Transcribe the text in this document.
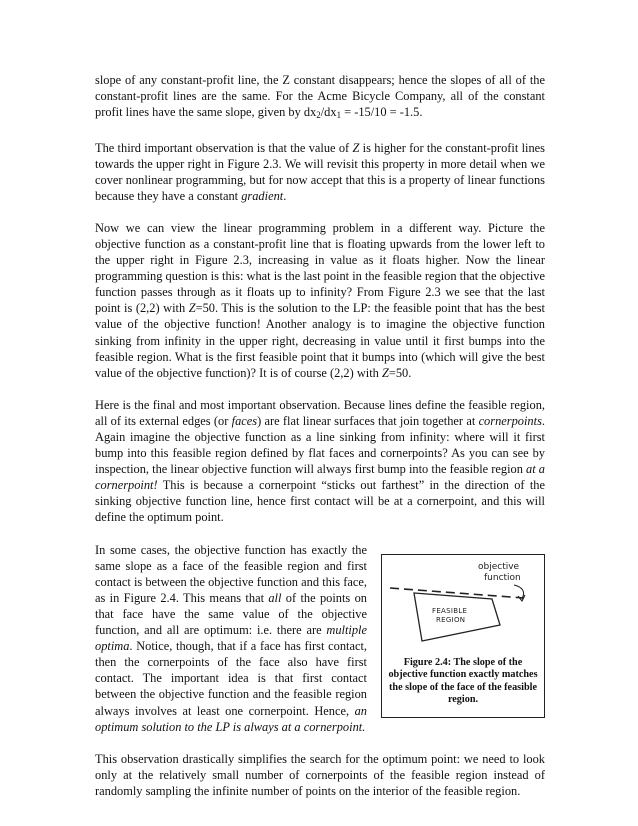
slope of any constant-profit line, the Z constant disappears; hence the slopes of all of the constant-profit lines are the same. For the Acme Bicycle Company, all of the constant profit lines have the same slope, given by $dx_2/dx_1 = -15/10 = -1.5$.

The third important observation is that the value of Z is higher for the constant-profit lines towards the upper right in Figure 2.3. We will revisit this property in more detail when we cover nonlinear programming, but for now accept that this is a property of linear functions because they have a constant gradient.

Now we can view the linear programming problem in a different way. Picture the objective function as a constant-profit line that is floating upwards from the lower left to the upper right in Figure 2.3, increasing in value as it floats higher. Now the linear programming question is this: what is the last point in the feasible region that the objective function passes through as it floats up to infinity? From Figure 2.3 we see that the last point is (2,2) with Z=50. This is the solution to the LP: the feasible point that has the best value of the objective function! Another analogy is to imagine the objective function sinking from infinity in the upper right, decreasing in value until it first bumps into the feasible region. What is the first feasible point that it bumps into (which will give the best value of the objective function)? It is of course (2,2) with Z=50.

Here is the final and most important observation. Because lines define the feasible region, all of its external edges (or faces) are flat linear surfaces that join together at cornerpoints. Again imagine the objective function as a line sinking from infinity: where will it first bump into this feasible region defined by flat faces and cornerpoints? As you can see by inspection, the linear objective function will always first bump into the feasible region at a cornerpoint! This is because a cornerpoint “sticks out farthest” in the direction of the sinking objective function line, hence first contact will be at a cornerpoint, and this will define the optimum point.

In some cases, the objective function has exactly the same slope as a face of the feasible region and first contact is between the objective function and this face, as in Figure 2.4. This means that all of the points on that face have the same value of the objective function, and all are optimum: i.e. there are multiple optima. Notice, though, that if a face has first contact, then the cornerpoints of the face also have first contact. The important idea is that first contact between the objective function and the feasible region always involves at least one cornerpoint. Hence, an optimum solution to the LP is always at a cornerpoint.

objective
function
FEASIBLE
REGION
Figure 2.4: The slope of the objective function exactly matches the slope of the face of the feasible region.

This observation drastically simplifies the search for the optimum point: we need to look only at the relatively small number of cornerpoints of the feasible region instead of randomly sampling the infinite number of points on the interior of the feasible region.
